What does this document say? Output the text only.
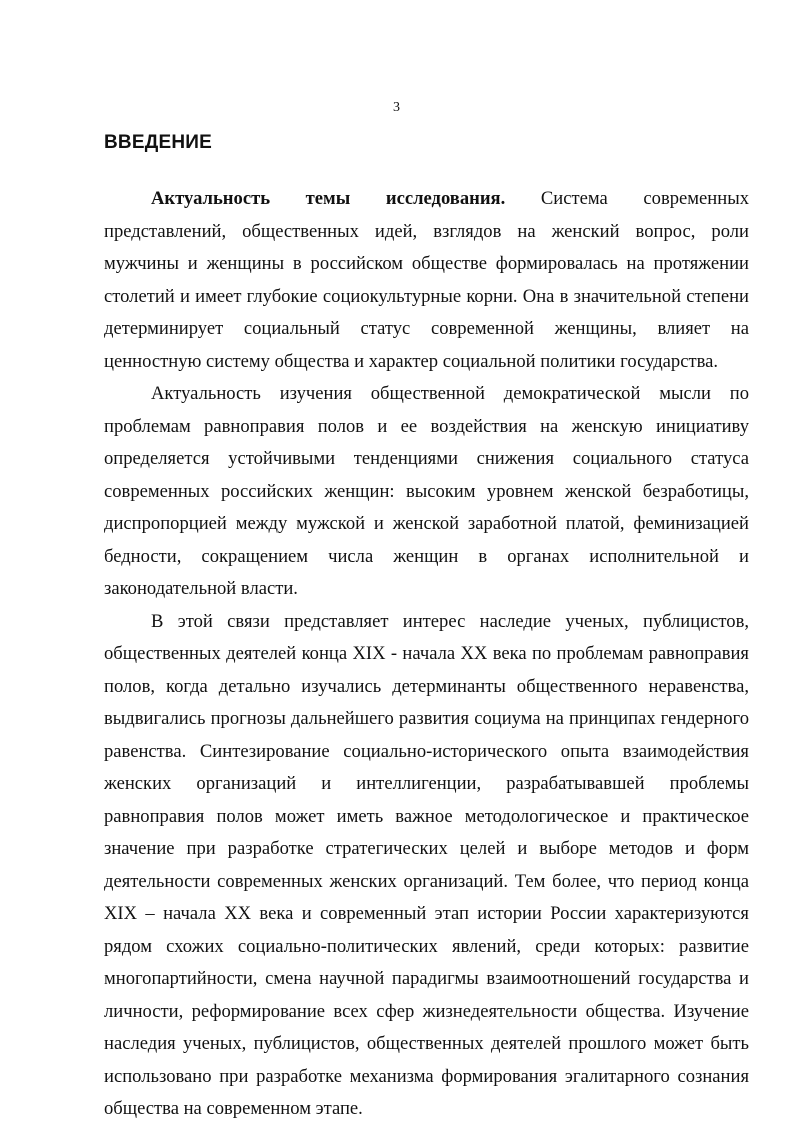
3
ВВЕДЕНИЕ

Актуальность темы исследования. Система современных представлений, общественных идей, взглядов на женский вопрос, роли мужчины и женщины в российском обществе формировалась на протяжении столетий и имеет глубокие социокультурные корни. Она в значительной степени детерминирует социальный статус современной женщины, влияет на ценностную систему общества и характер социальной политики государства.

Актуальность изучения общественной демократической мысли по проблемам равноправия полов и ее воздействия на женскую инициативу определяется устойчивыми тенденциями снижения социального статуса современных российских женщин: высоким уровнем женской безработицы, диспропорцией между мужской и женской заработной платой, феминизацией бедности, сокращением числа женщин в органах исполнительной и законодательной власти.

В этой связи представляет интерес наследие ученых, публицистов, общественных деятелей конца XIX - начала XX века по проблемам равноправия полов, когда детально изучались детерминанты общественного неравенства, выдвигались прогнозы дальнейшего развития социума на принципах гендерного равенства. Синтезирование социально-исторического опыта взаимодействия женских организаций и интеллигенции, разрабатывавшей проблемы равноправия полов может иметь важное методологическое и практическое значение при разработке стратегических целей и выборе методов и форм деятельности современных женских организаций. Тем более, что период конца XIX – начала XX века и современный этап истории России характеризуются рядом схожих социально-политических явлений, среди которых: развитие многопартийности, смена научной парадигмы взаимоотношений государства и личности, реформирование всех сфер жизнедеятельности общества. Изучение наследия ученых, публицистов, общественных деятелей прошлого может быть использовано при разработке механизма формирования эгалитарного сознания общества на современном этапе.
